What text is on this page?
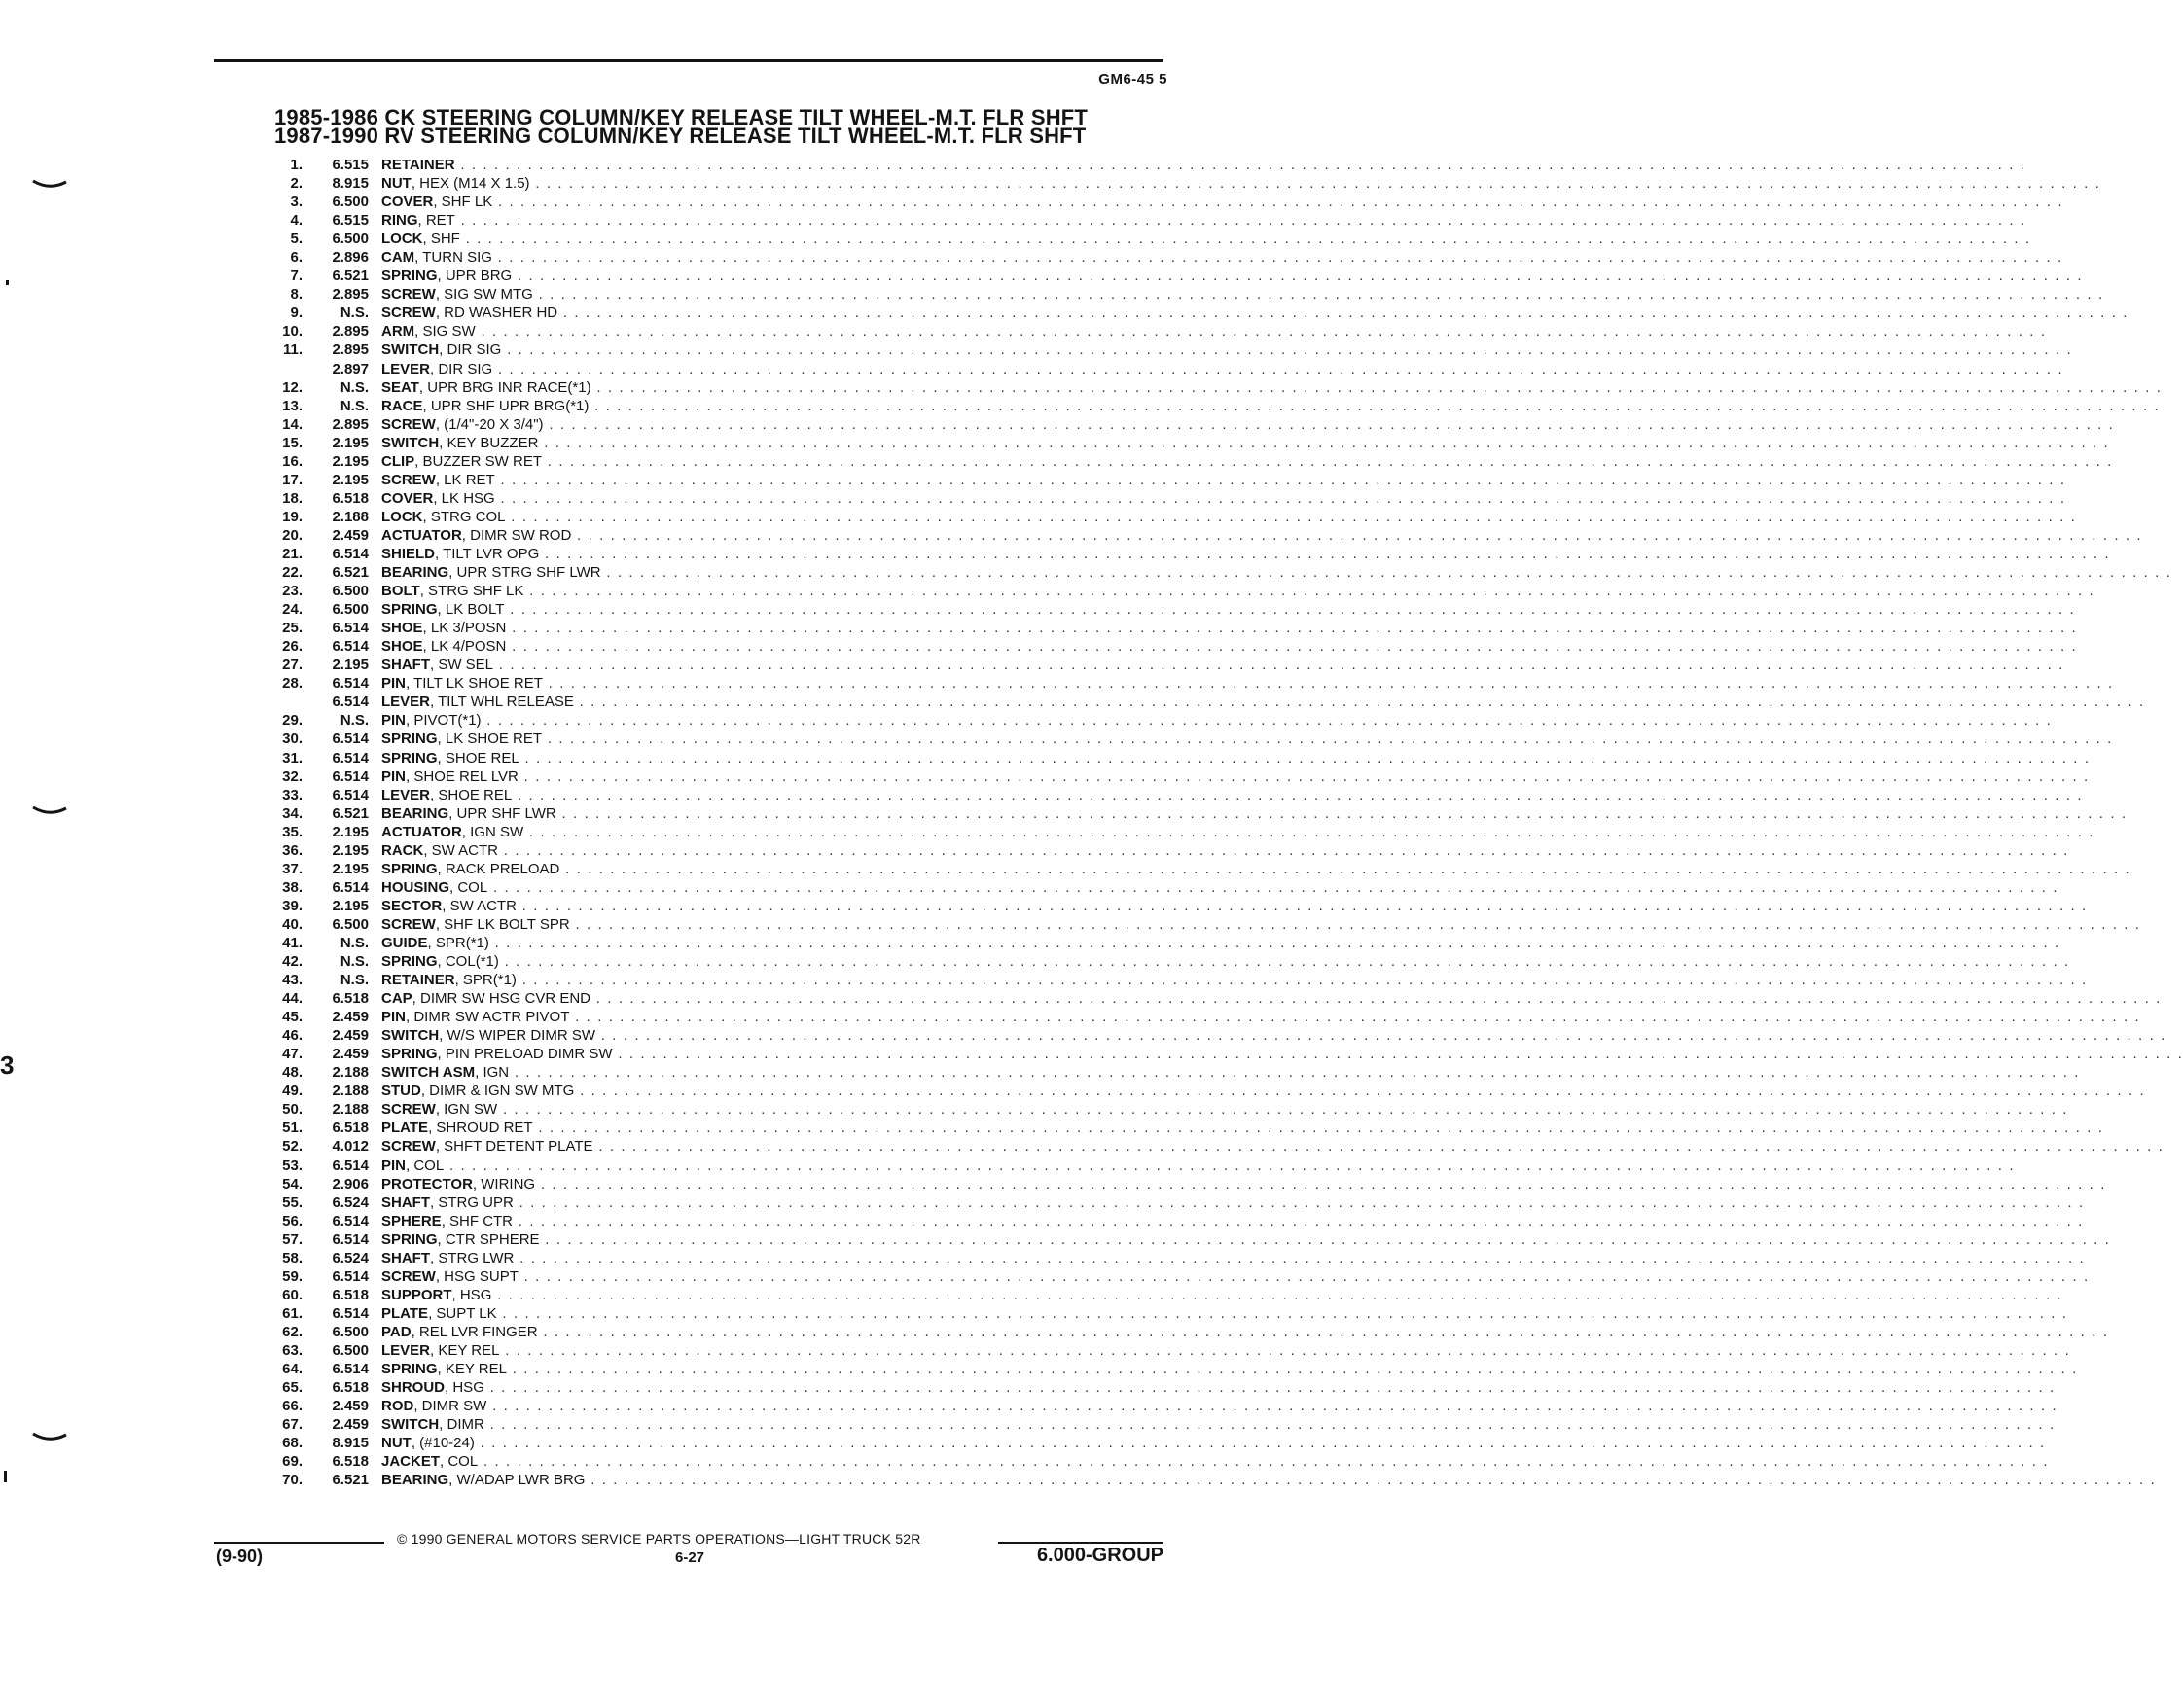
GM6-45 5
1985-1986 CK STEERING COLUMN/KEY RELEASE TILT WHEEL-M.T. FLR SHFT
1987-1990 RV STEERING COLUMN/KEY RELEASE TILT WHEEL-M.T. FLR SHFT
1.	6.515 RETAINER . . . . . . . . . . . . . . . . . . . . . . . . . . . . . . . . . . . . . . . . . . . . . . . . . . . . . . . . . . . . . . . . . . . . . . . . . . . . . . . . . . . . . . . . . . . . . . . . . . . . . . . . . . . . . . . . . . . . . . . . . . . . . . . . . . . . . . . . . . . .
2.	8.915 NUT, HEX (M14 X 1.5) . . . . . . . . . . . . . . . . . . . . . . . . . . . . . . . . . . . . . . . . . . . . . . . . . . . . . . . . . . . . . . . . . . . . . . . . . . . . . . . . . . . . . . . . . . . . . . . . . . . . . . . . . . . . . . . . . . . . . . . . . . . . . . . . . . . . . . . . . . . .
3.	6.500 COVER, SHF LK . . . . . . . . . . . . . . . . . . . . . . . . . . . . . . . . . . . . . . . . . . . . . . . . . . . . . . . . . . . . . . . . . . . . . . . . . . . . . . . . . . . . . . . . . . . . . . . . . . . . . . . . . . . . . . . . . . . . . . . . . . . . . . . . . . . . . . . . . . . .
4.	6.515 RING, RET . . . . . . . . . . . . . . . . . . . . . . . . . . . . . . . . . . . . . . . . . . . . . . . . . . . . . . . . . . . . . . . . . . . . . . . . . . . . . . . . . . . . . . . . . . . . . . . . . . . . . . . . . . . . . . . . . . . . . . . . . . . . . . . . . . . . . . . . . . . .
5.	6.500 LOCK, SHF . . . . . . . . . . . . . . . . . . . . . . . . . . . . . . . . . . . . . . . . . . . . . . . . . . . . . . . . . . . . . . . . . . . . . . . . . . . . . . . . . . . . . . . . . . . . . . . . . . . . . . . . . . . . . . . . . . . . . . . . . . . . . . . . . . . . . . . . . . . .
6.	2.896 CAM, TURN SIG . . . . . . . . . . . . . . . . . . . . . . . . . . . . . . . . . . . . . . . . . . . . . . . . . . . . . . . . . . . . . . . . . . . . . . . . . . . . . . . . . . . . . . . . . . . . . . . . . . . . . . . . . . . . . . . . . . . . . . . . . . . . . . . . . . . . . . . . . . . .
7.	6.521 SPRING, UPR BRG . . . . . . . . . . . . . . . . . . . . . . . . . . . . . . . . . . . . . . . . . . . . . . . . . . . . . . . . . . . . . . . . . . . . . . . . . . . . . . . . . . . . . . . . . . . . . . . . . . . . . . . . . . . . . . . . . . . . . . . . . . . . . . . . . . . . . . . . . . . .
8.	2.895 SCREW, SIG SW MTG . . . . . . . . . . . . . . . . . . . . . . . . . . . . . . . . . . . . . . . . . . . . . . . . . . . . . . . . . . . . . . . . . . . . . . . . . . . . . . . . . . . . . . . . . . . . . . . . . . . . . . . . . . . . . . . . . . . . . . . . . . . . . . . . . . . . . . . . . . . .
9.	N.S. SCREW, RD WASHER HD . . . . . . . . . . . . . . . . . . . . . . . . . . . . . . . . . . . . . . . . . . . . . . . . . . . . . . . . . . . . . . . . . . . . . . . . . . . . . . . . . . . . . . . . . . . . . . . . . . . . . . . . . . . . . . . . . . . . . . . . . . . . . . . . . . . . . . . . . . . .
10.	2.895 ARM, SIG SW . . . . . . . . . . . . . . . . . . . . . . . . . . . . . . . . . . . . . . . . . . . . . . . . . . . . . . . . . . . . . . . . . . . . . . . . . . . . . . . . . . . . . . . . . . . . . . . . . . . . . . . . . . . . . . . . . . . . . . . . . . . . . . . . . . . . . . . . . . . .
11.	2.895 SWITCH, DIR SIG . . . . . . . . . . . . . . . . . . . . . . . . . . . . . . . . . . . . . . . . . . . . . . . . . . . . . . . . . . . . . . . . . . . . . . . . . . . . . . . . . . . . . . . . . . . . . . . . . . . . . . . . . . . . . . . . . . . . . . . . . . . . . . . . . . . . . . . . . . . .
2.897 LEVER, DIR SIG . . . . . . . . . . . . . . . . . . . . . . . . . . . . . . . . . . . . . . . . . . . . . . . . . . . . . . . . . . . . . . . . . . . . . . . . . . . . . . . . . . . . . . . . . . . . . . . . . . . . . . . . . . . . . . . . . . . . . . . . . . . . . . . . . . . . . . . . . . . .
12.	N.S. SEAT, UPR BRG INR RACE(*1) . . . . . . . . . . . . . . . . . . . . . . . . . . . . . . . . . . . . . . . . . . . . . . . . . . . . . . . . . . . . . . . . . . . . . . . . . . . . . . . . . . . . . . . . . . . . . . . . . . . . . . . . . . . . . . . . . . . . . . . . . . . . . . . . . . . . . . . . . . . .
13.	N.S. RACE, UPR SHF UPR BRG(*1) . . . . . . . . . . . . . . . . . . . . . . . . . . . . . . . . . . . . . . . . . . . . . . . . . . . . . . . . . . . . . . . . . . . . . . . . . . . . . . . . . . . . . . . . . . . . . . . . . . . . . . . . . . . . . . . . . . . . . . . . . . . . . . . . . . . . . . . . . . . .
14.	2.895 SCREW, (1/4"-20 X 3/4") . . . . . . . . . . . . . . . . . . . . . . . . . . . . . . . . . . . . . . . . . . . . . . . . . . . . . . . . . . . . . . . . . . . . . . . . . . . . . . . . . . . . . . . . . . . . . . . . . . . . . . . . . . . . . . . . . . . . . . . . . . . . . . . . . . . . . . . . . . . .
15.	2.195 SWITCH, KEY BUZZER . . . . . . . . . . . . . . . . . . . . . . . . . . . . . . . . . . . . . . . . . . . . . . . . . . . . . . . . . . . . . . . . . . . . . . . . . . . . . . . . . . . . . . . . . . . . . . . . . . . . . . . . . . . . . . . . . . . . . . . . . . . . . . . . . . . . . . . . . . . .
16.	2.195 CLIP, BUZZER SW RET . . . . . . . . . . . . . . . . . . . . . . . . . . . . . . . . . . . . . . . . . . . . . . . . . . . . . . . . . . . . . . . . . . . . . . . . . . . . . . . . . . . . . . . . . . . . . . . . . . . . . . . . . . . . . . . . . . . . . . . . . . . . . . . . . . . . . . . . . . . .
17.	2.195 SCREW, LK RET . . . . . . . . . . . . . . . . . . . . . . . . . . . . . . . . . . . . . . . . . . . . . . . . . . . . . . . . . . . . . . . . . . . . . . . . . . . . . . . . . . . . . . . . . . . . . . . . . . . . . . . . . . . . . . . . . . . . . . . . . . . . . . . . . . . . . . . . . . . .
18.	6.518 COVER, LK HSG . . . . . . . . . . . . . . . . . . . . . . . . . . . . . . . . . . . . . . . . . . . . . . . . . . . . . . . . . . . . . . . . . . . . . . . . . . . . . . . . . . . . . . . . . . . . . . . . . . . . . . . . . . . . . . . . . . . . . . . . . . . . . . . . . . . . . . . . . . . .
19.	2.188 LOCK, STRG COL . . . . . . . . . . . . . . . . . . . . . . . . . . . . . . . . . . . . . . . . . . . . . . . . . . . . . . . . . . . . . . . . . . . . . . . . . . . . . . . . . . . . . . . . . . . . . . . . . . . . . . . . . . . . . . . . . . . . . . . . . . . . . . . . . . . . . . . . . . . .
20.	2.459 ACTUATOR, DIMR SW ROD . . . . . . . . . . . . . . . . . . . . . . . . . . . . . . . . . . . . . . . . . . . . . . . . . . . . . . . . . . . . . . . . . . . . . . . . . . . . . . . . . . . . . . . . . . . . . . . . . . . . . . . . . . . . . . . . . . . . . . . . . . . . . . . . . . . . . . . . . . . .
21.	6.514 SHIELD, TILT LVR OPG . . . . . . . . . . . . . . . . . . . . . . . . . . . . . . . . . . . . . . . . . . . . . . . . . . . . . . . . . . . . . . . . . . . . . . . . . . . . . . . . . . . . . . . . . . . . . . . . . . . . . . . . . . . . . . . . . . . . . . . . . . . . . . . . . . . . . . . . . . . .
22.	6.521 BEARING, UPR STRG SHF LWR . . . . . . . . . . . . . . . . . . . . . . . . . . . . . . . . . . . . . . . . . . . . . . . . . . . . . . . . . . . . . . . . . . . . . . . . . . . . . . . . . . . . . . . . . . . . . . . . . . . . . . . . . . . . . . . . . . . . . . . . . . . . . . . . . . . . . . . . . . . .
23.	6.500 BOLT, STRG SHF LK . . . . . . . . . . . . . . . . . . . . . . . . . . . . . . . . . . . . . . . . . . . . . . . . . . . . . . . . . . . . . . . . . . . . . . . . . . . . . . . . . . . . . . . . . . . . . . . . . . . . . . . . . . . . . . . . . . . . . . . . . . . . . . . . . . . . . . . . . . . .
24.	6.500 SPRING, LK BOLT . . . . . . . . . . . . . . . . . . . . . . . . . . . . . . . . . . . . . . . . . . . . . . . . . . . . . . . . . . . . . . . . . . . . . . . . . . . . . . . . . . . . . . . . . . . . . . . . . . . . . . . . . . . . . . . . . . . . . . . . . . . . . . . . . . . . . . . . . . . .
25.	6.514 SHOE, LK 3/POSN . . . . . . . . . . . . . . . . . . . . . . . . . . . . . . . . . . . . . . . . . . . . . . . . . . . . . . . . . . . . . . . . . . . . . . . . . . . . . . . . . . . . . . . . . . . . . . . . . . . . . . . . . . . . . . . . . . . . . . . . . . . . . . . . . . . . . . . . . . . .
26.	6.514 SHOE, LK 4/POSN . . . . . . . . . . . . . . . . . . . . . . . . . . . . . . . . . . . . . . . . . . . . . . . . . . . . . . . . . . . . . . . . . . . . . . . . . . . . . . . . . . . . . . . . . . . . . . . . . . . . . . . . . . . . . . . . . . . . . . . . . . . . . . . . . . . . . . . . . . . .
27.	2.195 SHAFT, SW SEL . . . . . . . . . . . . . . . . . . . . . . . . . . . . . . . . . . . . . . . . . . . . . . . . . . . . . . . . . . . . . . . . . . . . . . . . . . . . . . . . . . . . . . . . . . . . . . . . . . . . . . . . . . . . . . . . . . . . . . . . . . . . . . . . . . . . . . . . . . . .
28.	6.514 PIN, TILT LK SHOE RET . . . . . . . . . . . . . . . . . . . . . . . . . . . . . . . . . . . . . . . . . . . . . . . . . . . . . . . . . . . . . . . . . . . . . . . . . . . . . . . . . . . . . . . . . . . . . . . . . . . . . . . . . . . . . . . . . . . . . . . . . . . . . . . . . . . . . . . . . . . .
6.514 LEVER, TILT WHL RELEASE . . . . . . . . . . . . . . . . . . . . . . . . . . . . . . . . . . . . . . . . . . . . . . . . . . . . . . . . . . . . . . . . . . . . . . . . . . . . . . . . . . . . . . . . . . . . . . . . . . . . . . . . . . . . . . . . . . . . . . . . . . . . . . . . . . . . . . . . . . . .
29.	N.S. PIN, PIVOT(*1) . . . . . . . . . . . . . . . . . . . . . . . . . . . . . . . . . . . . . . . . . . . . . . . . . . . . . . . . . . . . . . . . . . . . . . . . . . . . . . . . . . . . . . . . . . . . . . . . . . . . . . . . . . . . . . . . . . . . . . . . . . . . . . . . . . . . . . . . . . . .
30.	6.514 SPRING, LK SHOE RET . . . . . . . . . . . . . . . . . . . . . . . . . . . . . . . . . . . . . . . . . . . . . . . . . . . . . . . . . . . . . . . . . . . . . . . . . . . . . . . . . . . . . . . . . . . . . . . . . . . . . . . . . . . . . . . . . . . . . . . . . . . . . . . . . . . . . . . . . . . .
31.	6.514 SPRING, SHOE REL . . . . . . . . . . . . . . . . . . . . . . . . . . . . . . . . . . . . . . . . . . . . . . . . . . . . . . . . . . . . . . . . . . . . . . . . . . . . . . . . . . . . . . . . . . . . . . . . . . . . . . . . . . . . . . . . . . . . . . . . . . . . . . . . . . . . . . . . . . . .
32.	6.514 PIN, SHOE REL LVR . . . . . . . . . . . . . . . . . . . . . . . . . . . . . . . . . . . . . . . . . . . . . . . . . . . . . . . . . . . . . . . . . . . . . . . . . . . . . . . . . . . . . . . . . . . . . . . . . . . . . . . . . . . . . . . . . . . . . . . . . . . . . . . . . . . . . . . . . . . .
33.	6.514 LEVER, SHOE REL . . . . . . . . . . . . . . . . . . . . . . . . . . . . . . . . . . . . . . . . . . . . . . . . . . . . . . . . . . . . . . . . . . . . . . . . . . . . . . . . . . . . . . . . . . . . . . . . . . . . . . . . . . . . . . . . . . . . . . . . . . . . . . . . . . . . . . . . . . . .
34.	6.521 BEARING, UPR SHF LWR . . . . . . . . . . . . . . . . . . . . . . . . . . . . . . . . . . . . . . . . . . . . . . . . . . . . . . . . . . . . . . . . . . . . . . . . . . . . . . . . . . . . . . . . . . . . . . . . . . . . . . . . . . . . . . . . . . . . . . . . . . . . . . . . . . . . . . . . . . . .
35.	2.195 ACTUATOR, IGN SW . . . . . . . . . . . . . . . . . . . . . . . . . . . . . . . . . . . . . . . . . . . . . . . . . . . . . . . . . . . . . . . . . . . . . . . . . . . . . . . . . . . . . . . . . . . . . . . . . . . . . . . . . . . . . . . . . . . . . . . . . . . . . . . . . . . . . . . . . . . .
36.	2.195 RACK, SW ACTR . . . . . . . . . . . . . . . . . . . . . . . . . . . . . . . . . . . . . . . . . . . . . . . . . . . . . . . . . . . . . . . . . . . . . . . . . . . . . . . . . . . . . . . . . . . . . . . . . . . . . . . . . . . . . . . . . . . . . . . . . . . . . . . . . . . . . . . . . . . .
37.	2.195 SPRING, RACK PRELOAD . . . . . . . . . . . . . . . . . . . . . . . . . . . . . . . . . . . . . . . . . . . . . . . . . . . . . . . . . . . . . . . . . . . . . . . . . . . . . . . . . . . . . . . . . . . . . . . . . . . . . . . . . . . . . . . . . . . . . . . . . . . . . . . . . . . . . . . . . . . .
38.	6.514 HOUSING, COL . . . . . . . . . . . . . . . . . . . . . . . . . . . . . . . . . . . . . . . . . . . . . . . . . . . . . . . . . . . . . . . . . . . . . . . . . . . . . . . . . . . . . . . . . . . . . . . . . . . . . . . . . . . . . . . . . . . . . . . . . . . . . . . . . . . . . . . . . . . .
39.	2.195 SECTOR, SW ACTR . . . . . . . . . . . . . . . . . . . . . . . . . . . . . . . . . . . . . . . . . . . . . . . . . . . . . . . . . . . . . . . . . . . . . . . . . . . . . . . . . . . . . . . . . . . . . . . . . . . . . . . . . . . . . . . . . . . . . . . . . . . . . . . . . . . . . . . . . . . .
40.	6.500 SCREW, SHF LK BOLT SPR . . . . . . . . . . . . . . . . . . . . . . . . . . . . . . . . . . . . . . . . . . . . . . . . . . . . . . . . . . . . . . . . . . . . . . . . . . . . . . . . . . . . . . . . . . . . . . . . . . . . . . . . . . . . . . . . . . . . . . . . . . . . . . . . . . . . . . . . . . . .
41.	N.S. GUIDE, SPR(*1) . . . . . . . . . . . . . . . . . . . . . . . . . . . . . . . . . . . . . . . . . . . . . . . . . . . . . . . . . . . . . . . . . . . . . . . . . . . . . . . . . . . . . . . . . . . . . . . . . . . . . . . . . . . . . . . . . . . . . . . . . . . . . . . . . . . . . . . . . . . .
42.	N.S. SPRING, COL(*1) . . . . . . . . . . . . . . . . . . . . . . . . . . . . . . . . . . . . . . . . . . . . . . . . . . . . . . . . . . . . . . . . . . . . . . . . . . . . . . . . . . . . . . . . . . . . . . . . . . . . . . . . . . . . . . . . . . . . . . . . . . . . . . . . . . . . . . . . . . . .
43.	N.S. RETAINER, SPR(*1) . . . . . . . . . . . . . . . . . . . . . . . . . . . . . . . . . . . . . . . . . . . . . . . . . . . . . . . . . . . . . . . . . . . . . . . . . . . . . . . . . . . . . . . . . . . . . . . . . . . . . . . . . . . . . . . . . . . . . . . . . . . . . . . . . . . . . . . . . . . .
44.	6.518 CAP, DIMR SW HSG CVR END . . . . . . . . . . . . . . . . . . . . . . . . . . . . . . . . . . . . . . . . . . . . . . . . . . . . . . . . . . . . . . . . . . . . . . . . . . . . . . . . . . . . . . . . . . . . . . . . . . . . . . . . . . . . . . . . . . . . . . . . . . . . . . . . . . . . . . . . . . . .
45.	2.459 PIN, DIMR SW ACTR PIVOT . . . . . . . . . . . . . . . . . . . . . . . . . . . . . . . . . . . . . . . . . . . . . . . . . . . . . . . . . . . . . . . . . . . . . . . . . . . . . . . . . . . . . . . . . . . . . . . . . . . . . . . . . . . . . . . . . . . . . . . . . . . . . . . . . . . . . . . . . . . .
46.	2.459 SWITCH, W/S WIPER DIMR SW . . . . . . . . . . . . . . . . . . . . . . . . . . . . . . . . . . . . . . . . . . . . . . . . . . . . . . . . . . . . . . . . . . . . . . . . . . . . . . . . . . . . . . . . . . . . . . . . . . . . . . . . . . . . . . . . . . . . . . . . . . . . . . . . . . . . . . . . . . . .
47.	2.459 SPRING, PIN PRELOAD DIMR SW . . . . . . . . . . . . . . . . . . . . . . . . . . . . . . . . . . . . . . . . . . . . . . . . . . . . . . . . . . . . . . . . . . . . . . . . . . . . . . . . . . . . . . . . . . . . . . . . . . . . . . . . . . . . . . . . . . . . . . . . . . . . . . . . . . . . . . . . . . . .
48.	2.188 SWITCH ASM, IGN . . . . . . . . . . . . . . . . . . . . . . . . . . . . . . . . . . . . . . . . . . . . . . . . . . . . . . . . . . . . . . . . . . . . . . . . . . . . . . . . . . . . . . . . . . . . . . . . . . . . . . . . . . . . . . . . . . . . . . . . . . . . . . . . . . . . . . . . . . . .
49.	2.188 STUD, DIMR & IGN SW MTG . . . . . . . . . . . . . . . . . . . . . . . . . . . . . . . . . . . . . . . . . . . . . . . . . . . . . . . . . . . . . . . . . . . . . . . . . . . . . . . . . . . . . . . . . . . . . . . . . . . . . . . . . . . . . . . . . . . . . . . . . . . . . . . . . . . . . . . . . . . .
50.	2.188 SCREW, IGN SW . . . . . . . . . . . . . . . . . . . . . . . . . . . . . . . . . . . . . . . . . . . . . . . . . . . . . . . . . . . . . . . . . . . . . . . . . . . . . . . . . . . . . . . . . . . . . . . . . . . . . . . . . . . . . . . . . . . . . . . . . . . . . . . . . . . . . . . . . . . .
51.	6.518 PLATE, SHROUD RET . . . . . . . . . . . . . . . . . . . . . . . . . . . . . . . . . . . . . . . . . . . . . . . . . . . . . . . . . . . . . . . . . . . . . . . . . . . . . . . . . . . . . . . . . . . . . . . . . . . . . . . . . . . . . . . . . . . . . . . . . . . . . . . . . . . . . . . . . . . .
52.	4.012 SCREW, SHFT DETENT PLATE . . . . . . . . . . . . . . . . . . . . . . . . . . . . . . . . . . . . . . . . . . . . . . . . . . . . . . . . . . . . . . . . . . . . . . . . . . . . . . . . . . . . . . . . . . . . . . . . . . . . . . . . . . . . . . . . . . . . . . . . . . . . . . . . . . . . . . . . . . . .
53.	6.514 PIN, COL . . . . . . . . . . . . . . . . . . . . . . . . . . . . . . . . . . . . . . . . . . . . . . . . . . . . . . . . . . . . . . . . . . . . . . . . . . . . . . . . . . . . . . . . . . . . . . . . . . . . . . . . . . . . . . . . . . . . . . . . . . . . . . . . . . . . . . . . . . . .
54.	2.906 PROTECTOR, WIRING . . . . . . . . . . . . . . . . . . . . . . . . . . . . . . . . . . . . . . . . . . . . . . . . . . . . . . . . . . . . . . . . . . . . . . . . . . . . . . . . . . . . . . . . . . . . . . . . . . . . . . . . . . . . . . . . . . . . . . . . . . . . . . . . . . . . . . . . . . . .
55.	6.524 SHAFT, STRG UPR . . . . . . . . . . . . . . . . . . . . . . . . . . . . . . . . . . . . . . . . . . . . . . . . . . . . . . . . . . . . . . . . . . . . . . . . . . . . . . . . . . . . . . . . . . . . . . . . . . . . . . . . . . . . . . . . . . . . . . . . . . . . . . . . . . . . . . . . . . . .
56.	6.514 SPHERE, SHF CTR . . . . . . . . . . . . . . . . . . . . . . . . . . . . . . . . . . . . . . . . . . . . . . . . . . . . . . . . . . . . . . . . . . . . . . . . . . . . . . . . . . . . . . . . . . . . . . . . . . . . . . . . . . . . . . . . . . . . . . . . . . . . . . . . . . . . . . . . . . . .
57.	6.514 SPRING, CTR SPHERE . . . . . . . . . . . . . . . . . . . . . . . . . . . . . . . . . . . . . . . . . . . . . . . . . . . . . . . . . . . . . . . . . . . . . . . . . . . . . . . . . . . . . . . . . . . . . . . . . . . . . . . . . . . . . . . . . . . . . . . . . . . . . . . . . . . . . . . . . . . .
58.	6.524 SHAFT, STRG LWR . . . . . . . . . . . . . . . . . . . . . . . . . . . . . . . . . . . . . . . . . . . . . . . . . . . . . . . . . . . . . . . . . . . . . . . . . . . . . . . . . . . . . . . . . . . . . . . . . . . . . . . . . . . . . . . . . . . . . . . . . . . . . . . . . . . . . . . . . . . .
59.	6.514 SCREW, HSG SUPT . . . . . . . . . . . . . . . . . . . . . . . . . . . . . . . . . . . . . . . . . . . . . . . . . . . . . . . . . . . . . . . . . . . . . . . . . . . . . . . . . . . . . . . . . . . . . . . . . . . . . . . . . . . . . . . . . . . . . . . . . . . . . . . . . . . . . . . . . . . .
60.	6.518 SUPPORT, HSG . . . . . . . . . . . . . . . . . . . . . . . . . . . . . . . . . . . . . . . . . . . . . . . . . . . . . . . . . . . . . . . . . . . . . . . . . . . . . . . . . . . . . . . . . . . . . . . . . . . . . . . . . . . . . . . . . . . . . . . . . . . . . . . . . . . . . . . . . . . .
61.	6.514 PLATE, SUPT LK . . . . . . . . . . . . . . . . . . . . . . . . . . . . . . . . . . . . . . . . . . . . . . . . . . . . . . . . . . . . . . . . . . . . . . . . . . . . . . . . . . . . . . . . . . . . . . . . . . . . . . . . . . . . . . . . . . . . . . . . . . . . . . . . . . . . . . . . . . . .
62.	6.500 PAD, REL LVR FINGER . . . . . . . . . . . . . . . . . . . . . . . . . . . . . . . . . . . . . . . . . . . . . . . . . . . . . . . . . . . . . . . . . . . . . . . . . . . . . . . . . . . . . . . . . . . . . . . . . . . . . . . . . . . . . . . . . . . . . . . . . . . . . . . . . . . . . . . . . . . .
63.	6.500 LEVER, KEY REL . . . . . . . . . . . . . . . . . . . . . . . . . . . . . . . . . . . . . . . . . . . . . . . . . . . . . . . . . . . . . . . . . . . . . . . . . . . . . . . . . . . . . . . . . . . . . . . . . . . . . . . . . . . . . . . . . . . . . . . . . . . . . . . . . . . . . . . . . . . .
64.	6.514 SPRING, KEY REL . . . . . . . . . . . . . . . . . . . . . . . . . . . . . . . . . . . . . . . . . . . . . . . . . . . . . . . . . . . . . . . . . . . . . . . . . . . . . . . . . . . . . . . . . . . . . . . . . . . . . . . . . . . . . . . . . . . . . . . . . . . . . . . . . . . . . . . . . . . .
65.	6.518 SHROUD, HSG . . . . . . . . . . . . . . . . . . . . . . . . . . . . . . . . . . . . . . . . . . . . . . . . . . . . . . . . . . . . . . . . . . . . . . . . . . . . . . . . . . . . . . . . . . . . . . . . . . . . . . . . . . . . . . . . . . . . . . . . . . . . . . . . . . . . . . . . . . . .
66.	2.459 ROD, DIMR SW . . . . . . . . . . . . . . . . . . . . . . . . . . . . . . . . . . . . . . . . . . . . . . . . . . . . . . . . . . . . . . . . . . . . . . . . . . . . . . . . . . . . . . . . . . . . . . . . . . . . . . . . . . . . . . . . . . . . . . . . . . . . . . . . . . . . . . . . . . . .
67.	2.459 SWITCH, DIMR . . . . . . . . . . . . . . . . . . . . . . . . . . . . . . . . . . . . . . . . . . . . . . . . . . . . . . . . . . . . . . . . . . . . . . . . . . . . . . . . . . . . . . . . . . . . . . . . . . . . . . . . . . . . . . . . . . . . . . . . . . . . . . . . . . . . . . . . . . . .
68.	8.915 NUT, (#10-24) . . . . . . . . . . . . . . . . . . . . . . . . . . . . . . . . . . . . . . . . . . . . . . . . . . . . . . . . . . . . . . . . . . . . . . . . . . . . . . . . . . . . . . . . . . . . . . . . . . . . . . . . . . . . . . . . . . . . . . . . . . . . . . . . . . . . . . . . . . . .
69.	6.518 JACKET, COL . . . . . . . . . . . . . . . . . . . . . . . . . . . . . . . . . . . . . . . . . . . . . . . . . . . . . . . . . . . . . . . . . . . . . . . . . . . . . . . . . . . . . . . . . . . . . . . . . . . . . . . . . . . . . . . . . . . . . . . . . . . . . . . . . . . . . . . . . . . .
70.	6.521 BEARING, W/ADAP LWR BRG . . . . . . . . . . . . . . . . . . . . . . . . . . . . . . . . . . . . . . . . . . . . . . . . . . . . . . . . . . . . . . . . . . . . . . . . . . . . . . . . . . . . . . . . . . . . . . . . . . . . . . . . . . . . . . . . . . . . . . . . . . . . . . . . . . . . . . . . . . . .
© 1990 GENERAL MOTORS SERVICE PARTS OPERATIONS—LIGHT TRUCK 52R
(9-90)	6-27	6.000-GROUP
3
